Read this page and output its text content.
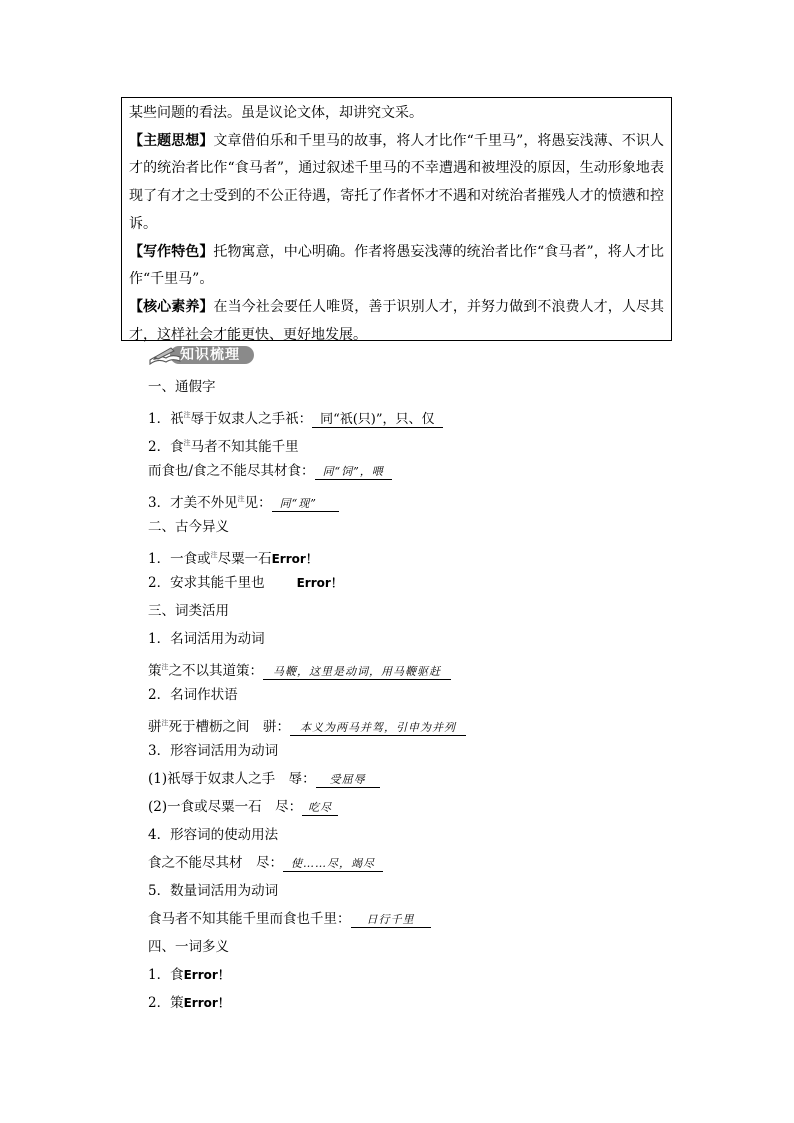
某些问题的看法。虽是议论文体，却讲究文采。

【主题思想】文章借伯乐和千里马的故事，将人才比作“千里马”，将愚妄浅薄、不识人才的统治者比作“食马者”，通过叙述千里马的不幸遭遇和被埋没的原因，生动形象地表现了有才之士受到的不公正待遇，寄托了作者怀才不遇和对统治者摧残人才的愤懑和控诉。

【写作特色】托物寓意，中心明确。作者将愚妄浅薄的统治者比作“食马者”，将人才比作“千里马”。

【核心素养】在当今社会要任人唯贤，善于识别人才，并努力做到不浪费人才，人尽其才，这样社会才能更快、更好地发展。

知识梳理
一、通假字
1．祇$^注$辱于奴隶人之手祇： 同“祇(只)”，只、仅
2．食$^注$马者不知其能千里
而食也/食之不能尽其材食： 同“饲”，喂
3．才美不外见$^注$见： 同“现”
二、古今异义
1．一食或$^注$尽粟一石Error！
2．安求其能千里也	Error！
三、词类活用
1．名词活用为动词
策$^注$之不以其道策： 马鞭，这里是动词，用马鞭驱赶
2．名词作状语
骈$^注$死于槽枥之间　骈： 本义为两马并驾，引申为并列
3．形容词活用为动词
(1)祇辱于奴隶人之手　辱： 受屈辱
(2)一食或尽粟一石　尽： 吃尽
4．形容词的使动用法
食之不能尽其材　尽： 使……尽，竭尽
5．数量词活用为动词
食马者不知其能千里而食也千里： 日行千里
四、一词多义
1．食Error！
2．策Error！
